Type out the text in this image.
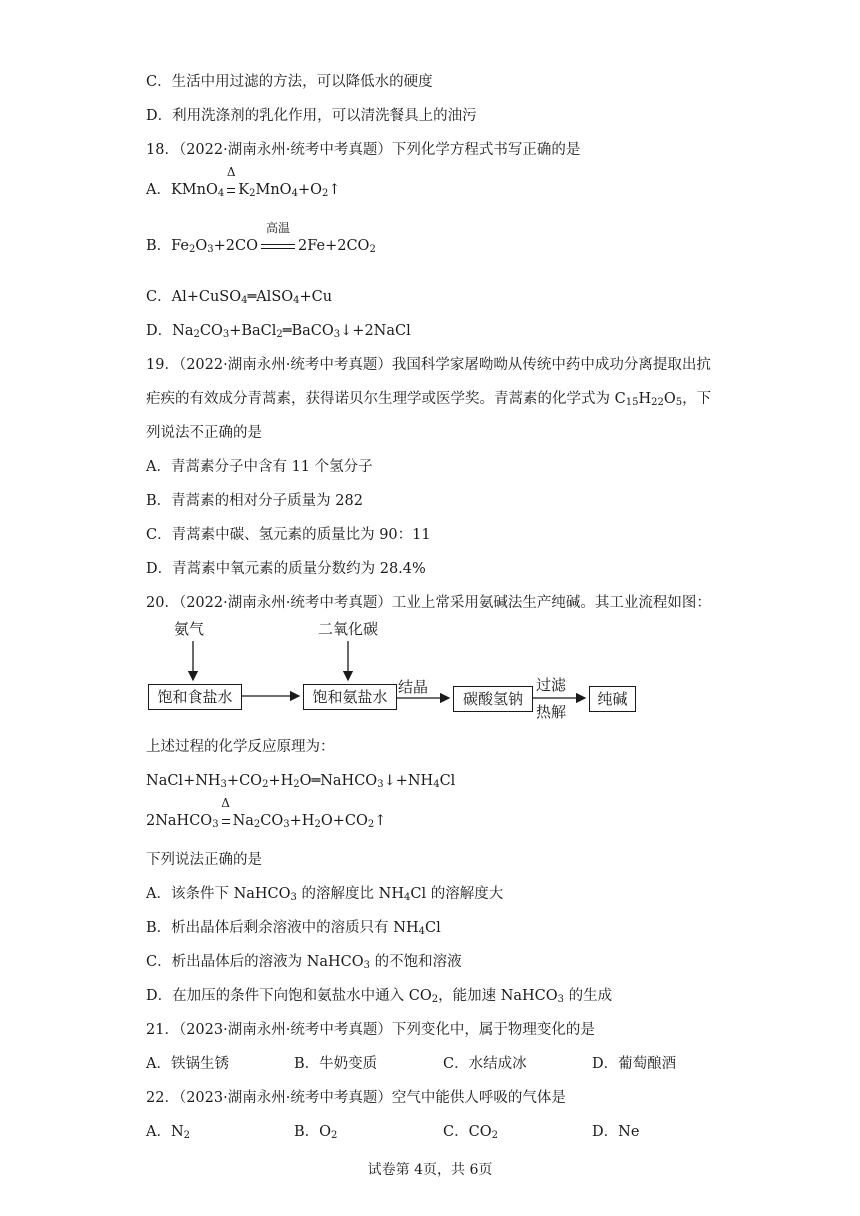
C．生活中用过滤的方法，可以降低水的硬度
D．利用洗涤剂的乳化作用，可以清洗餐具上的油污
18．（2022·湖南永州·统考中考真题）下列化学方程式书写正确的是
A．KMnO$_4$
Δ
$K_2MnO_4+O_2↑$
B．$Fe_2O_3+2CO$
高温
$2Fe+2CO_2$
C．Al+CuSO$_4$═AlSO$_4$+Cu
D．$Na_2CO_3+BaCl_2═BaCO_3↓+2NaCl$
19．（2022·湖南永州·统考中考真题）我国科学家屠呦呦从传统中药中成功分离提取出抗
疟疾的有效成分青蒿素，获得诺贝尔生理学或医学奖。青蒿素的化学式为 $C_{15}H_{22}O_5$，下
列说法不正确的是
A．青蒿素分子中含有 11 个氢分子
B．青蒿素的相对分子质量为 282
C．青蒿素中碳、氢元素的质量比为 90：11
D．青蒿素中氧元素的质量分数约为 28.4%
20．（2022·湖南永州·统考中考真题）工业上常采用氨碱法生产纯碱。其工业流程如图：
氨气	二氧化碳
饱和食盐水	饱和氨盐水	碳酸氢钠	纯碱
结晶	过滤
热解
上述过程的化学反应原理为：
$NaCl+NH_3+CO_2+H_2O═NaHCO_3↓+NH_4Cl$
2NaHCO$_3$
Δ
$Na_2CO_3+H_2O+CO_2↑$
下列说法正确的是
A．该条件下 NaHCO$_3$ 的溶解度比 $NH_4Cl$ 的溶解度大
B．析出晶体后剩余溶液中的溶质只有 $NH_4Cl$
C．析出晶体后的溶液为 NaHCO$_3$ 的不饱和溶液
D．在加压的条件下向饱和氨盐水中通入 $CO_2$，能加速 NaHCO$_3$ 的生成
21．（2023·湖南永州·统考中考真题）下列变化中，属于物理变化的是
A．铁锅生锈	B．牛奶变质	C．水结成冰	D．葡萄酿酒
22．（2023·湖南永州·统考中考真题）空气中能供人呼吸的气体是
A．$N_2$	B．$O_2$	C．$CO_2$	D．Ne
试卷第 4页，共 6页
